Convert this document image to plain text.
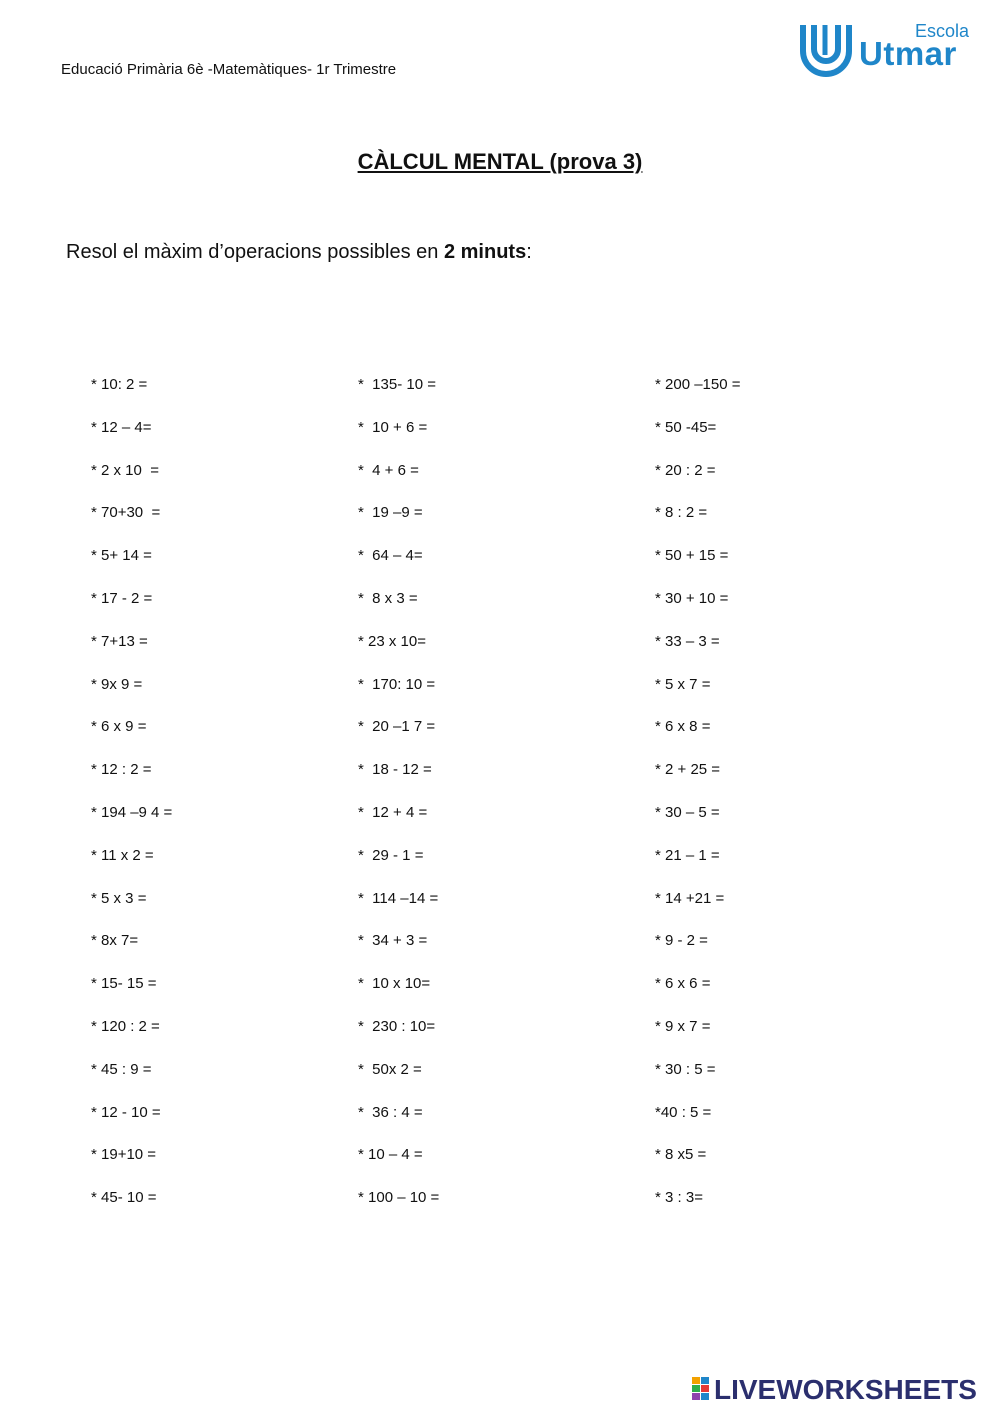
Educació Primària 6è -Matemàtiques- 1r Trimestre
Escola
Utmar
CÀLCUL MENTAL (prova 3)
Resol el màxim d’operacions possibles en 2 minuts:
* 10: 2 =
* 12 – 4=
* 2 x 10  =
* 70+30  =
* 5+ 14 =
* 17 - 2 =
* 7+13 =
* 9x 9 =
* 6 x 9 =
* 12 : 2 =
* 194 –9 4 =
* 11 x 2 =
* 5 x 3 =
* 8x 7=
* 15- 15 =
* 120 : 2 =
* 45 : 9 =
* 12 - 10 =
* 19+10 =
* 45- 10 =
*  135- 10 =
*  10 + 6 =
*  4 + 6 =
*  19 –9 =
*  64 – 4=
*  8 x 3 =
* 23 x 10=
*  170: 10 =
*  20 –1 7 =
*  18 - 12 =
*  12 + 4 =
*  29 - 1 =
*  114 –14 =
*  34 + 3 =
*  10 x 10=
*  230 : 10=
*  50x 2 =
*  36 : 4 =
* 10 – 4 =
* 100 – 10 =
* 200 –150 =
* 50 -45=
* 20 : 2 =
* 8 : 2 =
* 50 + 15 =
* 30 + 10 =
* 33 – 3 =
* 5 x 7 =
* 6 x 8 =
* 2 + 25 =
* 30 – 5 =
* 21 – 1 =
* 14 +21 =
* 9 - 2 =
* 6 x 6 =
* 9 x 7 =
* 30 : 5 =
*40 : 5 =
* 8 x5 =
* 3 : 3=
LIVEWORKSHEETS
